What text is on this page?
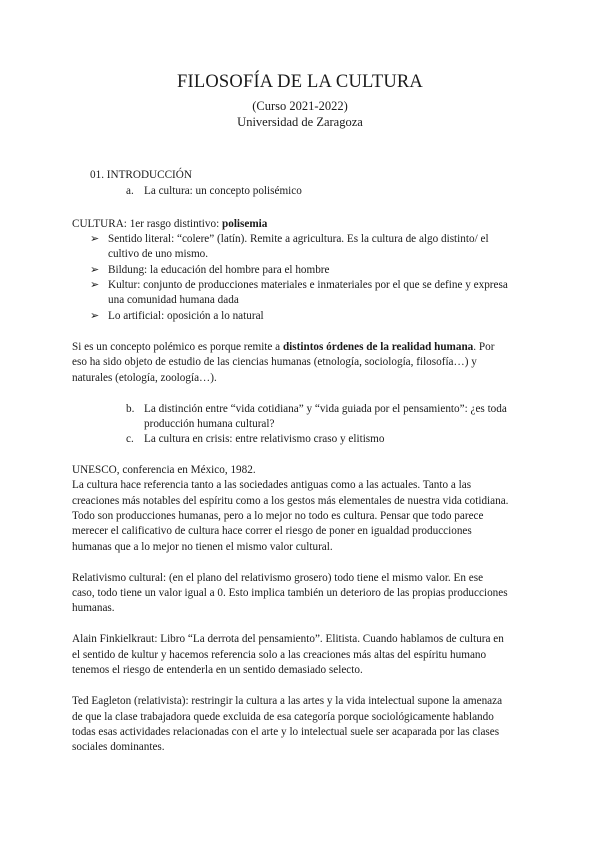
FILOSOFÍA DE LA CULTURA
(Curso 2021-2022)
Universidad de Zaragoza
01. INTRODUCCIÓN
a. La cultura: un concepto polisémico
CULTURA: 1er rasgo distintivo: polisemia
➢ Sentido literal: “colere” (latín). Remite a agricultura. Es la cultura de algo distinto/ el
cultivo de uno mismo.
➢ Bildung: la educación del hombre para el hombre
➢ Kultur: conjunto de producciones materiales e inmateriales por el que se define y expresa
una comunidad humana dada
➢ Lo artificial: oposición a lo natural
Si es un concepto polémico es porque remite a distintos órdenes de la realidad humana. Por
eso ha sido objeto de estudio de las ciencias humanas (etnología, sociología, filosofía…) y
naturales (etología, zoología…).
b. La distinción entre “vida cotidiana” y “vida guiada por el pensamiento”: ¿es toda
producción humana cultural?
c. La cultura en crisis: entre relativismo craso y elitismo
UNESCO, conferencia en México, 1982.
La cultura hace referencia tanto a las sociedades antiguas como a las actuales. Tanto a las
creaciones más notables del espíritu como a los gestos más elementales de nuestra vida cotidiana.
Todo son producciones humanas, pero a lo mejor no todo es cultura. Pensar que todo parece
merecer el calificativo de cultura hace correr el riesgo de poner en igualdad producciones
humanas que a lo mejor no tienen el mismo valor cultural.
Relativismo cultural: (en el plano del relativismo grosero) todo tiene el mismo valor. En ese
caso, todo tiene un valor igual a 0. Esto implica también un deterioro de las propias producciones
humanas.
Alain Finkielkraut: Libro “La derrota del pensamiento”. Elitista. Cuando hablamos de cultura en
el sentido de kultur y hacemos referencia solo a las creaciones más altas del espíritu humano
tenemos el riesgo de entenderla en un sentido demasiado selecto.
Ted Eagleton (relativista): restringir la cultura a las artes y la vida intelectual supone la amenaza
de que la clase trabajadora quede excluida de esa categoría porque sociológicamente hablando
todas esas actividades relacionadas con el arte y lo intelectual suele ser acaparada por las clases
sociales dominantes.
